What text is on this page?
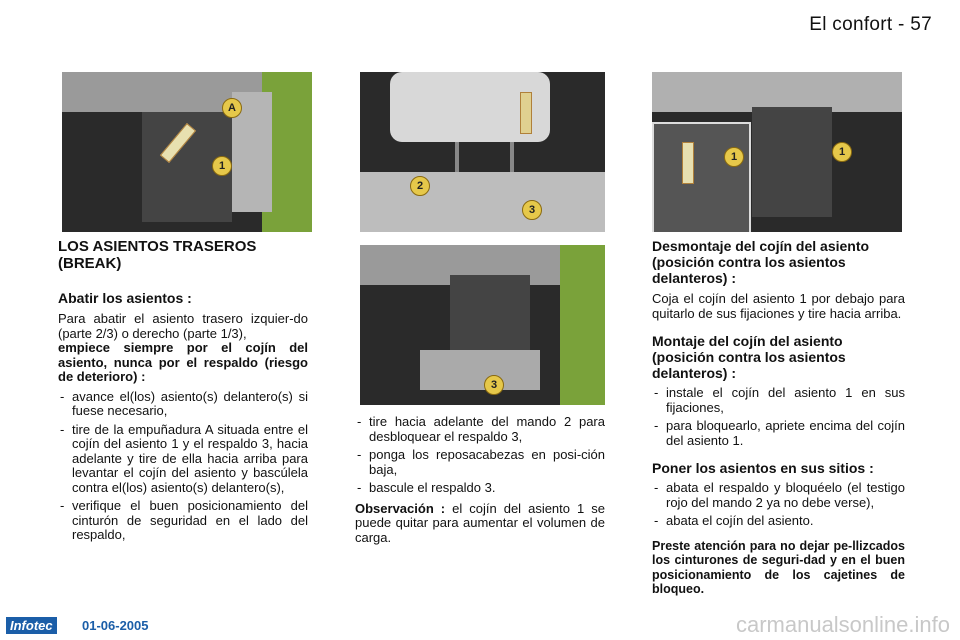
El confort - 57
A
1
2
3
3
1	1
LOS ASIENTOS TRASEROS (BREAK)
Abatir los asientos :

Para abatir el asiento trasero izquier-do (parte 2/3) o derecho (parte 1/3),

empiece siempre por el cojín del asiento, nunca por el respaldo (riesgo de deterioro) :

- avance el(los) asiento(s) delantero(s) si fuese necesario,
- tire de la empuñadura A situada entre el cojín del asiento 1 y el respaldo 3, hacia adelante y tire de ella hacia arriba para levantar el cojín del asiento y bascúlela contra el(los) asiento(s) delantero(s),
- verifique el buen posicionamiento del cinturón de seguridad en el lado del respaldo,
- tire hacia adelante del mando 2 para desbloquear el respaldo 3,
- ponga los reposacabezas en posi-ción baja,
- bascule el respaldo 3.

Observación : el cojín del asiento 1 se puede quitar para aumentar el volumen de carga.

Desmontaje del cojín del asiento (posición contra los asientos delanteros) :

Coja el cojín del asiento 1 por debajo para quitarlo de sus fijaciones y tire hacia arriba.

Montaje del cojín del asiento (posición contra los asientos delanteros) :
- instale el cojín del asiento 1 en sus fijaciones,
- para bloquearlo, apriete encima del cojín del asiento 1.
Poner los asientos en sus sitios :
- abata el respaldo y bloquéelo (el testigo rojo del mando 2 ya no debe verse),
- abata el cojín del asiento.

Preste atención para no dejar pe-llizcados los cinturones de seguri-dad y en el buen posicionamiento de los cajetines de bloqueo.

Infotec	01-06-2005	carmanualsonline.info
